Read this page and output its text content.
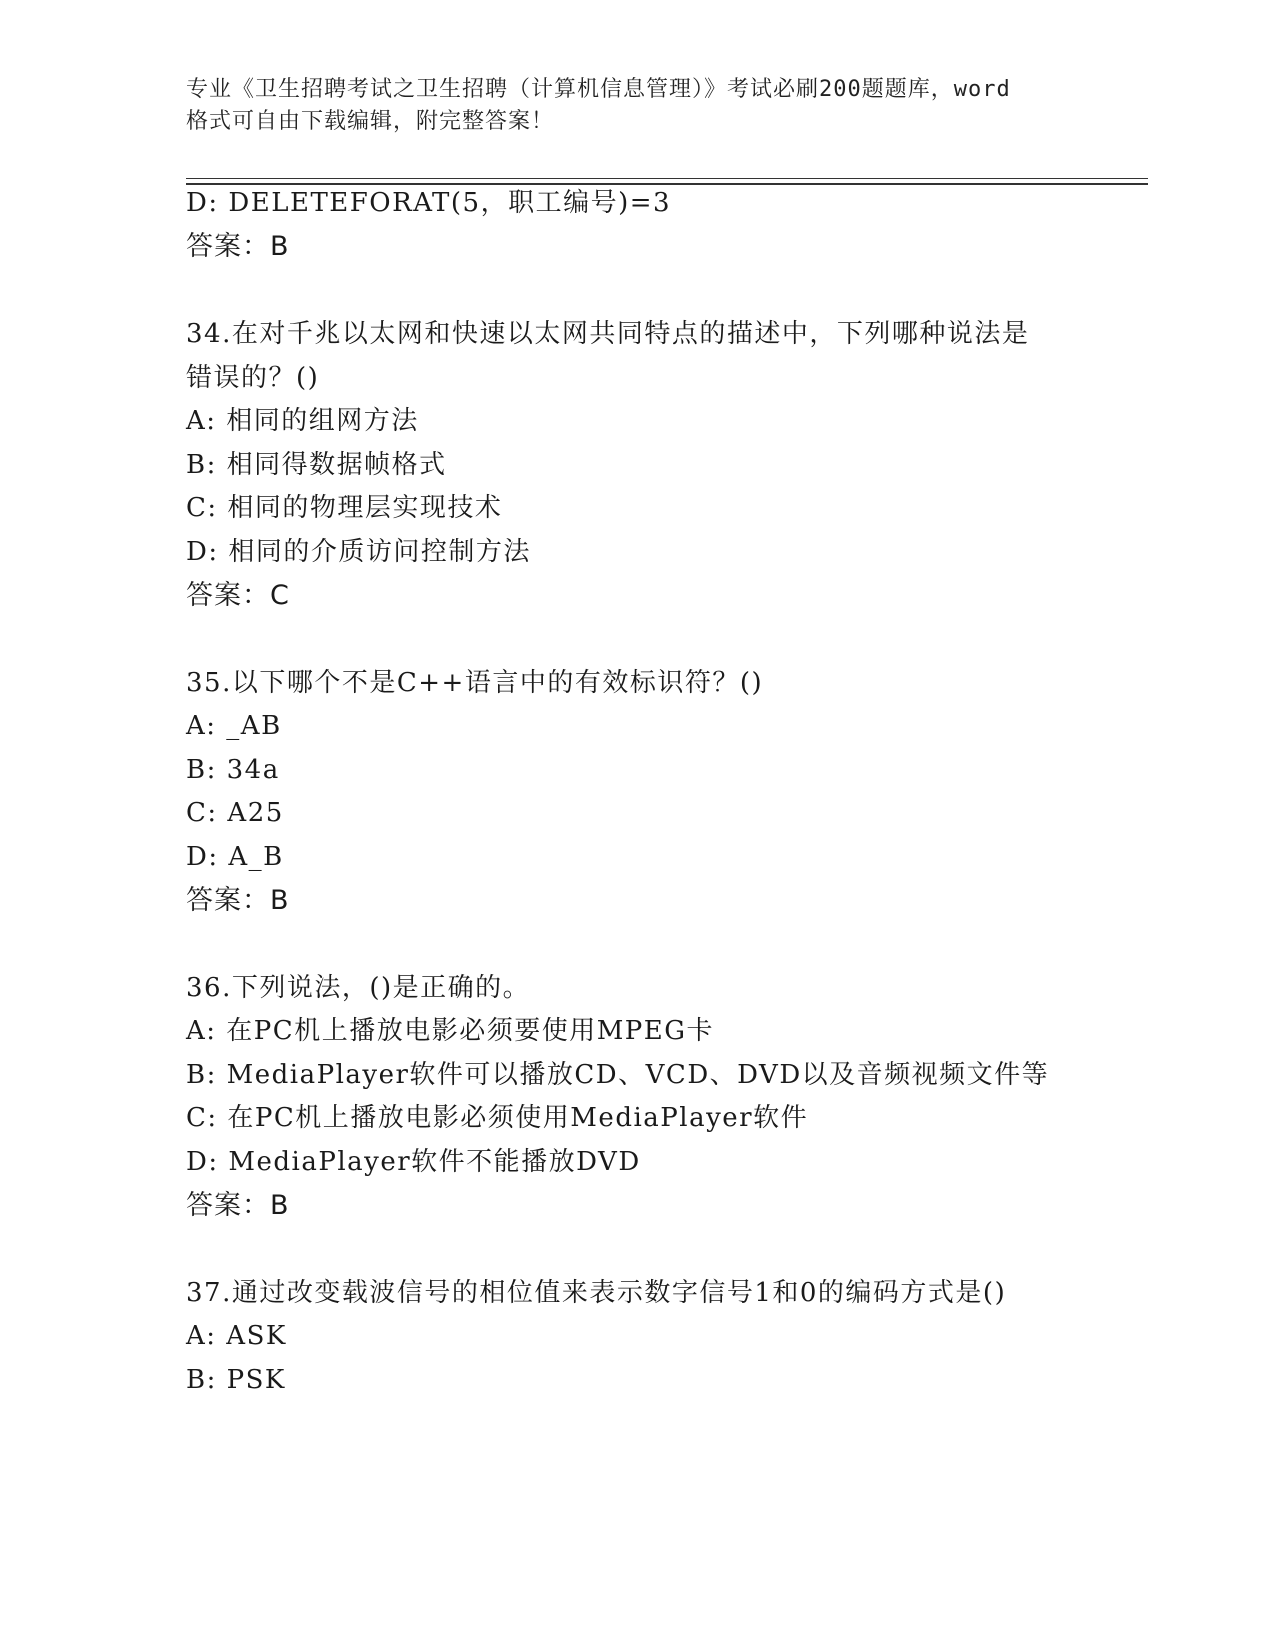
专业《卫生招聘考试之卫生招聘（计算机信息管理）》考试必刷200题题库，word
格式可自由下载编辑，附完整答案！
D: DELETEFORAT(5，职工编号)=3
答案：B
34.在对千兆以太网和快速以太网共同特点的描述中，下列哪种说法是
错误的？()
A: 相同的组网方法
B: 相同得数据帧格式
C: 相同的物理层实现技术
D: 相同的介质访问控制方法
答案：C
35.以下哪个不是C++语言中的有效标识符？()
A: _AB
B: 34a
C: A25
D: A_B
答案：B
36.下列说法，()是正确的。
A: 在PC机上播放电影必须要使用MPEG卡
B: MediaPlayer软件可以播放CD、VCD、DVD以及音频视频文件等
C: 在PC机上播放电影必须使用MediaPlayer软件
D: MediaPlayer软件不能播放DVD
答案：B
37.通过改变载波信号的相位值来表示数字信号1和0的编码方式是()
A: ASK
B: PSK
